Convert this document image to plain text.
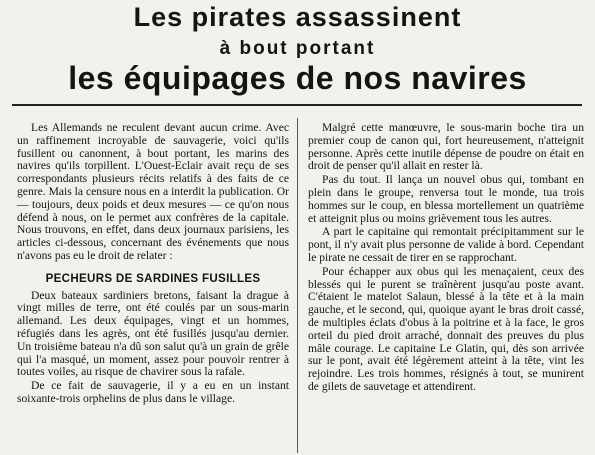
Les pirates assassinent
à bout portant
les équipages de nos navires

Les Allemands ne reculent devant aucun crime. Avec un raffinement incroyable de sauvagerie, voici qu'ils fusillent ou canonnent, à bout portant, les marins des navires qu'ils torpillent. L'Ouest-Eclair avait reçu de ses correspondants plusieurs récits relatifs à des faits de ce genre. Mais la censure nous en a interdit la publication. Or — toujours, deux poids et deux mesures — ce qu'on nous défend à nous, on le permet aux confrères de la capitale. Nous trouvons, en effet, dans deux journaux parisiens, les articles ci-dessous, concernant des événements que nous n'avons pas eu le droit de relater :

PECHEURS DE SARDINES FUSILLES

Deux bateaux sardiniers bretons, faisant la drague à vingt milles de terre, ont été coulés par un sous-marin allemand. Les deux équipages, vingt et un hommes, réfugiés dans les agrès, ont été fusillés jusqu'au dernier. Un troisième bateau n'a dû son salut qu'à un grain de grêle qui l'a masqué, un moment, assez pour pouvoir rentrer à toutes voiles, au risque de chavirer sous la rafale.

De ce fait de sauvagerie, il y a eu en un instant soixante-trois orphelins de plus dans le village.

Malgré cette manœuvre, le sous-marin boche tira un premier coup de canon qui, fort heureusement, n'atteignit personne. Après cette inutile dépense de poudre on était en droit de penser qu'il allait en rester là.

Pas du tout. Il lança un nouvel obus qui, tombant en plein dans le groupe, renversa tout le monde, tua trois hommes sur le coup, en blessa mortellement un quatrième et atteignit plus ou moins grièvement tous les autres.

A part le capitaine qui remontait précipitamment sur le pont, il n'y avait plus personne de valide à bord. Cependant le pirate ne cessait de tirer en se rapprochant.

Pour échapper aux obus qui les menaçaient, ceux des blessés qui le purent se traînèrent jusqu'au poste avant. C'étaient le matelot Salaun, blessé à la tête et à la main gauche, et le second, qui, quoique ayant le bras droit cassé, de multiples éclats d'obus à la poitrine et à la face, le gros orteil du pied droit arraché, donnait des preuves du plus mâle courage. Le capitaine Le Glatin, qui, dès son arrivée sur le pont, avait été légèrement atteint à la tête, vint les rejoindre. Les trois hommes, résignés à tout, se munirent de gilets de sauvetage et attendirent.
